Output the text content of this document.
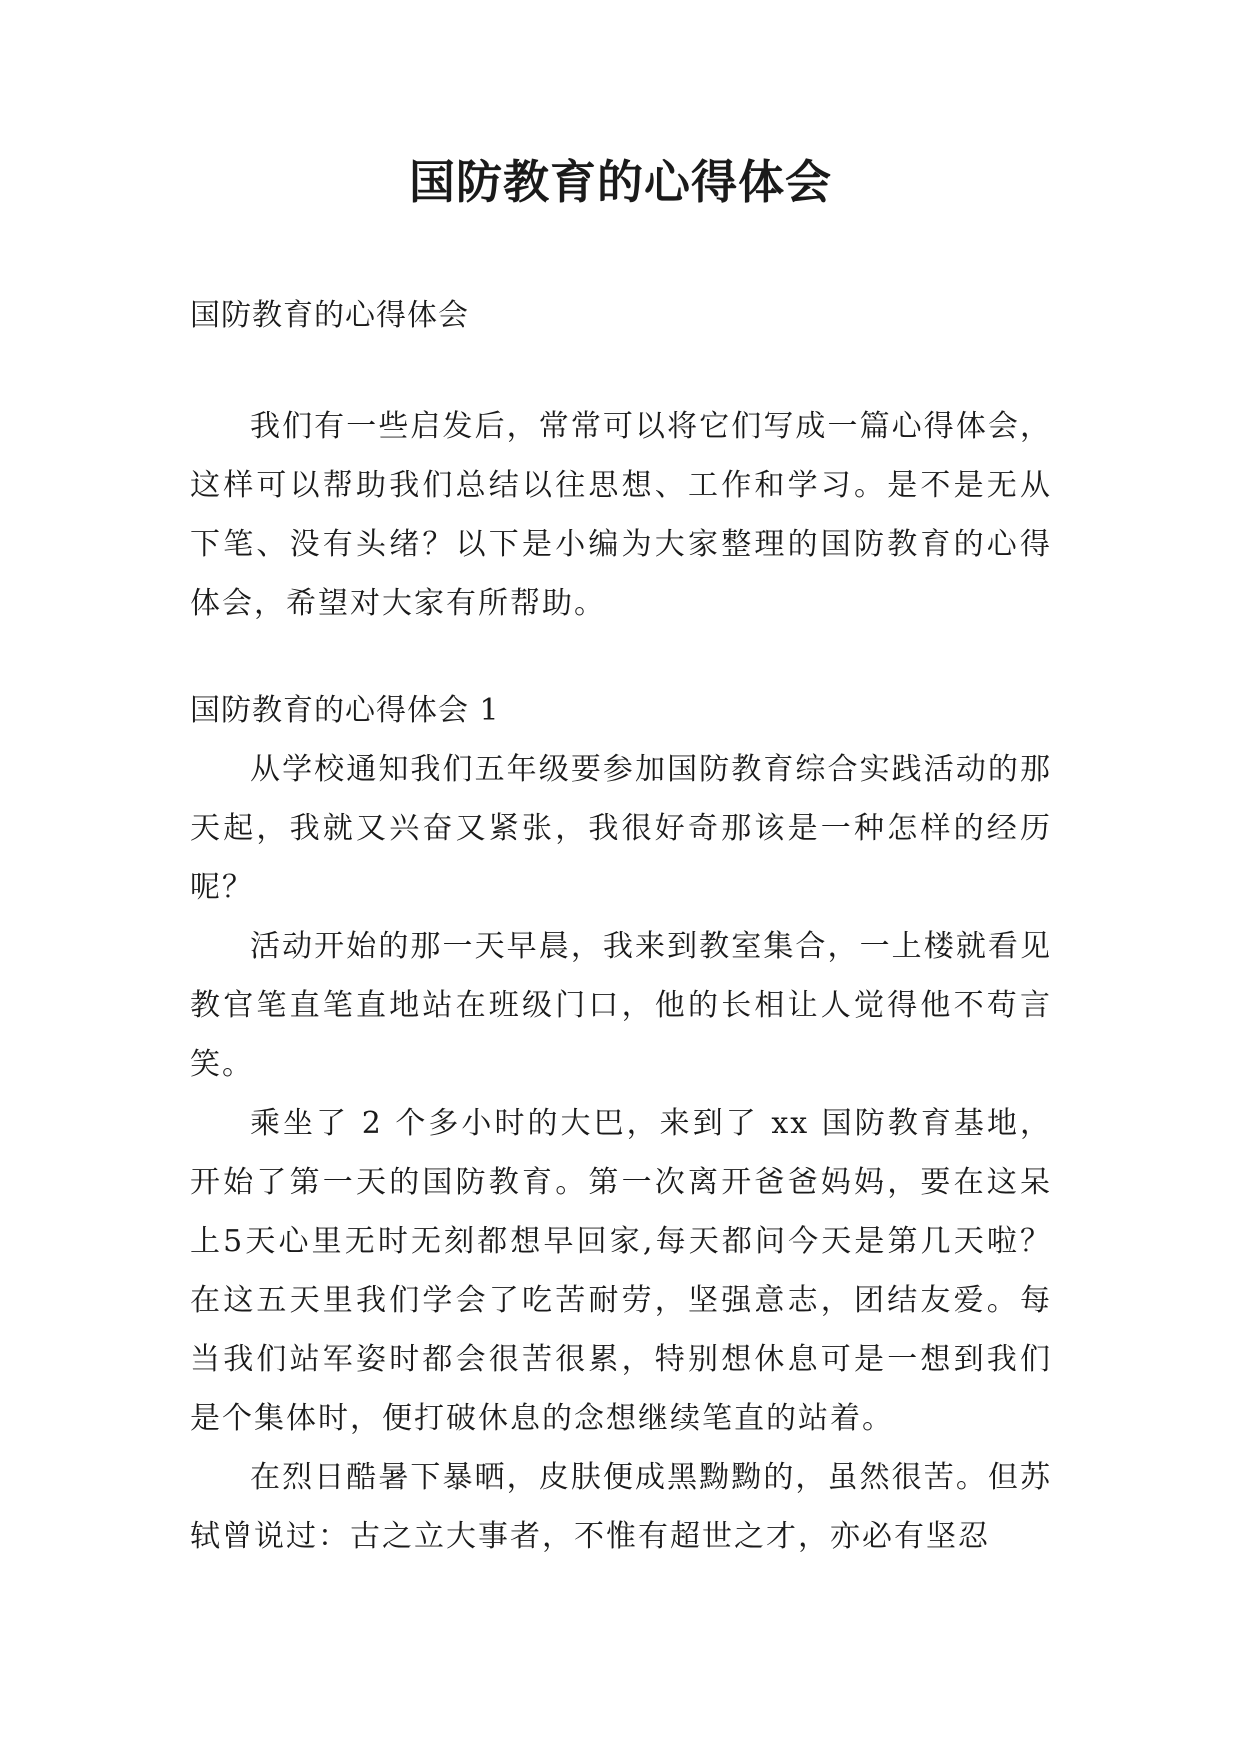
国防教育的心得体会

国防教育的心得体会

我们有一些启发后，常常可以将它们写成一篇心得体会，这样可以帮助我们总结以往思想、工作和学习。是不是无从下笔、没有头绪？以下是小编为大家整理的国防教育的心得体会，希望对大家有所帮助。

国防教育的心得体会 1

从学校通知我们五年级要参加国防教育综合实践活动的那天起，我就又兴奋又紧张，我很好奇那该是一种怎样的经历呢？

活动开始的那一天早晨，我来到教室集合，一上楼就看见教官笔直笔直地站在班级门口，他的长相让人觉得他不苟言笑。

乘坐了 2 个多小时的大巴，来到了 xx 国防教育基地，开始了第一天的国防教育。第一次离开爸爸妈妈，要在这呆上5天心里无时无刻都想早回家,每天都问今天是第几天啦？在这五天里我们学会了吃苦耐劳，坚强意志，团结友爱。每当我们站军姿时都会很苦很累，特别想休息可是一想到我们是个集体时，便打破休息的念想继续笔直的站着。

在烈日酷暑下暴晒，皮肤便成黑黝黝的，虽然很苦。但苏轼曾说过：古之立大事者，不惟有超世之才，亦必有坚忍
